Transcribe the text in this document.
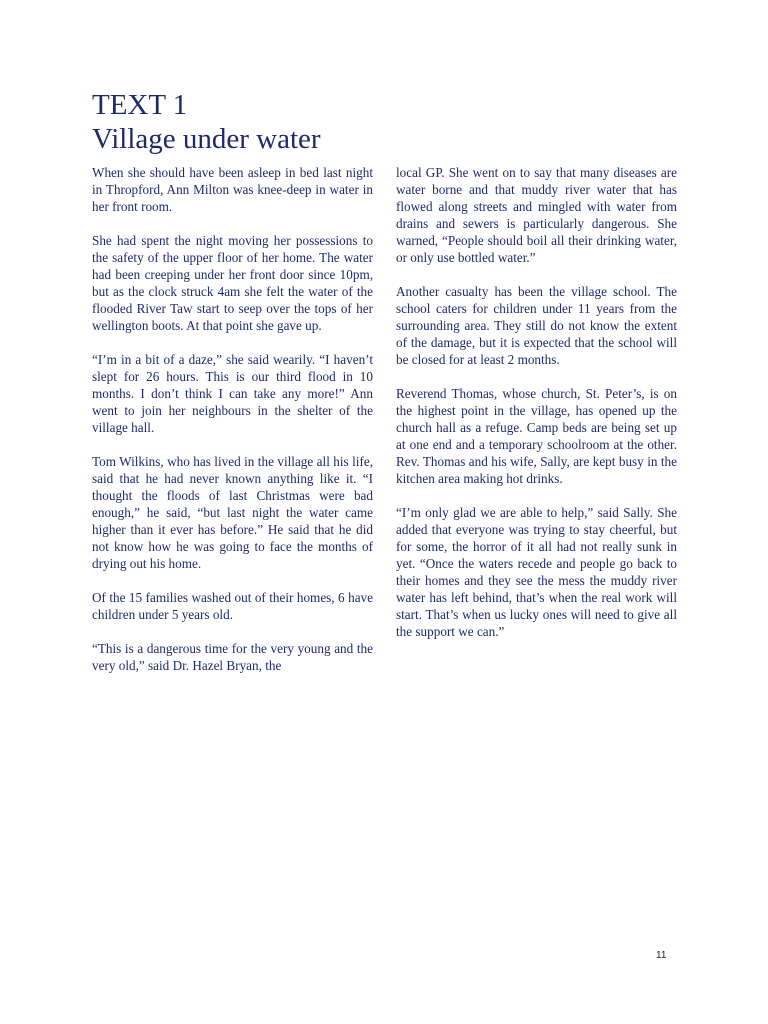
TEXT 1
Village under water

When she should have been asleep in bed last night in Thropford, Ann Milton was knee-deep in water in her front room.

She had spent the night moving her possessions to the safety of the upper floor of her home. The water had been creeping under her front door since 10pm, but as the clock struck 4am she felt the water of the flooded River Taw start to seep over the tops of her wellington boots. At that point she gave up.

“I’m in a bit of a daze,” she said wearily. “I haven’t slept for 26 hours. This is our third flood in 10 months. I don’t think I can take any more!” Ann went to join her neighbours in the shelter of the village hall.

Tom Wilkins, who has lived in the village all his life, said that he had never known anything like it. “I thought the floods of last Christmas were bad enough,” he said, “but last night the water came higher than it ever has before.” He said that he did not know how he was going to face the months of drying out his home.

Of the 15 families washed out of their homes, 6 have children under 5 years old.

“This is a dangerous time for the very young and the very old,” said Dr. Hazel Bryan, the

local GP. She went on to say that many diseases are water borne and that muddy river water that has flowed along streets and mingled with water from drains and sewers is particularly dangerous. She warned, “People should boil all their drinking water, or only use bottled water.”

Another casualty has been the village school. The school caters for children under 11 years from the surrounding area. They still do not know the extent of the damage, but it is expected that the school will be closed for at least 2 months.

Reverend Thomas, whose church, St. Peter’s, is on the highest point in the village, has opened up the church hall as a refuge. Camp beds are being set up at one end and a temporary schoolroom at the other. Rev. Thomas and his wife, Sally, are kept busy in the kitchen area making hot drinks.

“I’m only glad we are able to help,” said Sally. She added that everyone was trying to stay cheerful, but for some, the horror of it all had not really sunk in yet. “Once the waters recede and people go back to their homes and they see the mess the muddy river water has left behind, that’s when the real work will start. That’s when us lucky ones will need to give all the support we can.”

11
